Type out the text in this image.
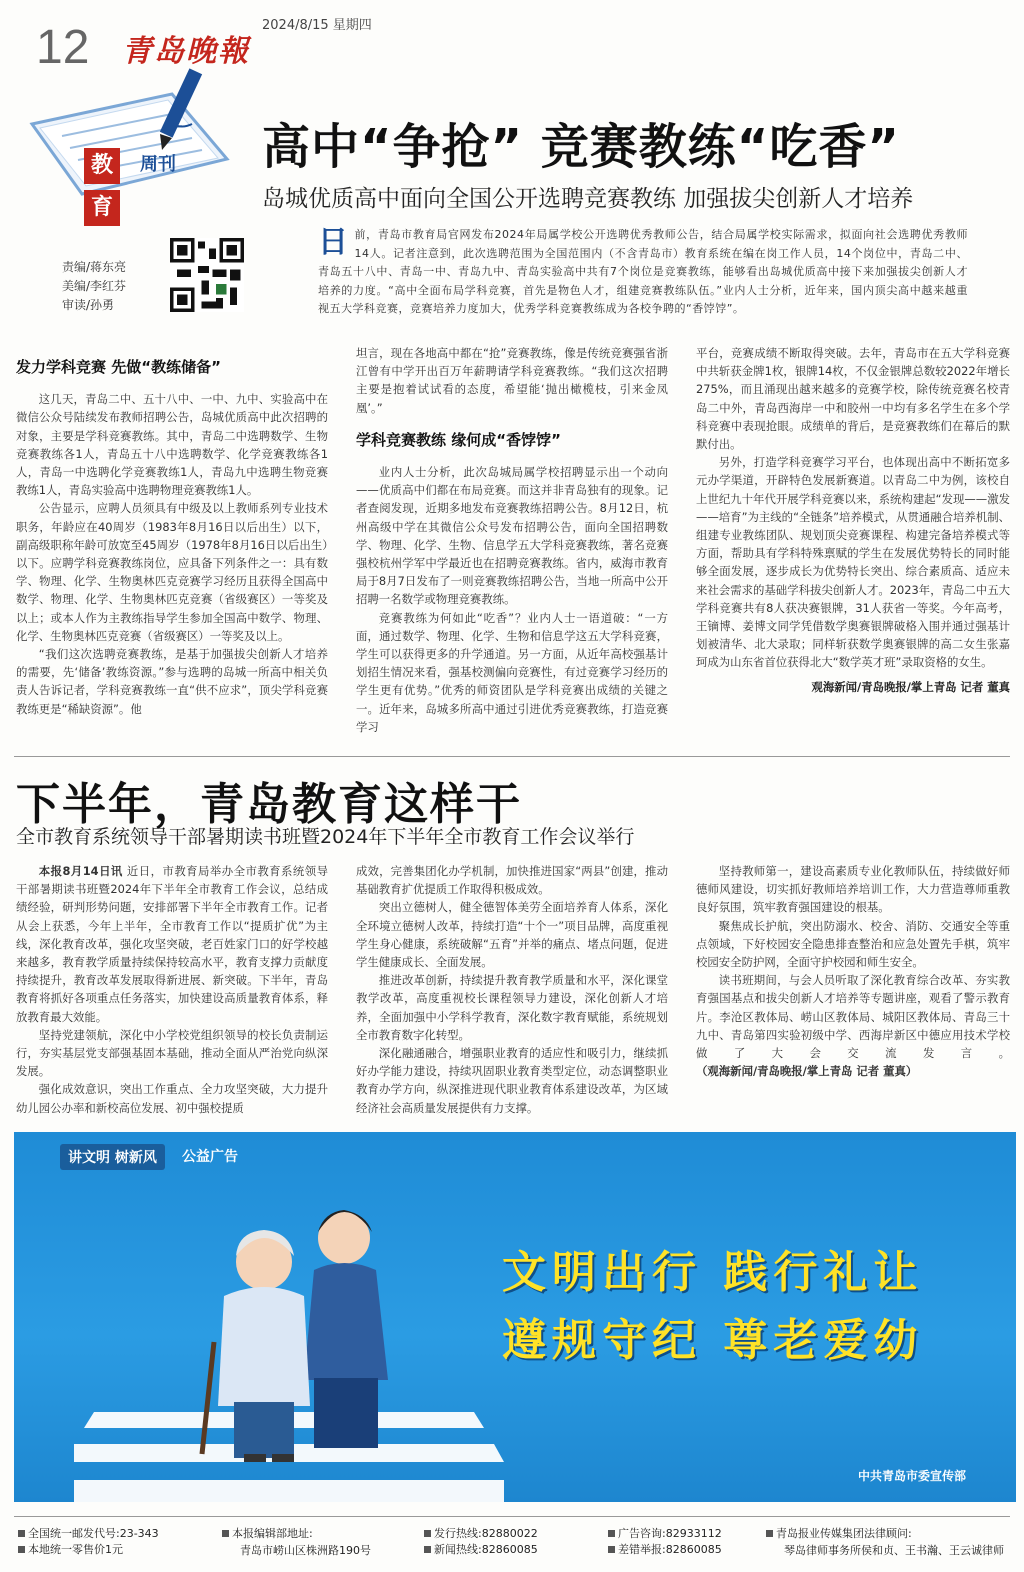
12 青岛晚報
2024/8/15 星期四
教
育
周刊 高中“争抢” 竞赛教练“吃香”
岛城优质高中面向全国公开选聘竞赛教练 加强拔尖创新人才培养
责编/蒋东亮
美编/李红芬
审读/孙勇
日 前，青岛市教育局官网发布2024年局属学校公开选聘优秀教师公告，结合局属学校实际需求，拟面向社会选聘优秀教师14人。记者注意到，此次选聘范围为全国范围内（不含青岛市）教育系统在编在岗工作人员，14个岗位中，青岛二中、青岛五十八中、青岛一中、青岛九中、青岛实验高中共有7个岗位是竞赛教练，能够看出岛城优质高中接下来加强拔尖创新人才培养的力度。“高中全面布局学科竞赛，首先是物色人才，组建竞赛教练队伍。”业内人士分析，近年来，国内顶尖高中越来越重视五大学科竞赛，竞赛培养力度加大，优秀学科竞赛教练成为各校争聘的“香饽饽”。
发力学科竞赛 先做“教练储备”

这几天，青岛二中、五十八中、一中、九中、实验高中在微信公众号陆续发布教师招聘公告，岛城优质高中此次招聘的对象，主要是学科竞赛教练。其中，青岛二中选聘数学、生物竞赛教练各1人，青岛五十八中选聘数学、化学竞赛教练各1人，青岛一中选聘化学竞赛教练1人，青岛九中选聘生物竞赛教练1人，青岛实验高中选聘物理竞赛教练1人。

公告显示，应聘人员须具有中级及以上教师系列专业技术职务，年龄应在40周岁（1983年8月16日以后出生）以下，副高级职称年龄可放宽至45周岁（1978年8月16日以后出生）以下。应聘学科竞赛教练岗位，应具备下列条件之一：具有数学、物理、化学、生物奥林匹克竞赛学习经历且获得全国高中数学、物理、化学、生物奥林匹克竞赛（省级赛区）一等奖及以上；或本人作为主教练指导学生参加全国高中数学、物理、化学、生物奥林匹克竞赛（省级赛区）一等奖及以上。

“我们这次选聘竞赛教练，是基于加强拔尖创新人才培养的需要，先‘储备’教练资源。”参与选聘的岛城一所高中相关负责人告诉记者，学科竞赛教练一直“供不应求”，顶尖学科竞赛教练更是“稀缺资源”。他

坦言，现在各地高中都在“抢”竞赛教练，像是传统竞赛强省浙江曾有中学开出百万年薪聘请学科竞赛教练。“我们这次招聘主要是抱着试试看的态度，希望能‘抛出橄榄枝，引来金凤凰’。”

学科竞赛教练 缘何成“香饽饽”

业内人士分析，此次岛城局属学校招聘显示出一个动向——优质高中们都在布局竞赛。而这并非青岛独有的现象。记者查阅发现，近期多地发布竞赛教练招聘公告。8月12日，杭州高级中学在其微信公众号发布招聘公告，面向全国招聘数学、物理、化学、生物、信息学五大学科竞赛教练，著名竞赛强校杭州学军中学最近也在招聘竞赛教练。省内，威海市教育局于8月7日发布了一则竞赛教练招聘公告，当地一所高中公开招聘一名数学或物理竞赛教练。

竞赛教练为何如此“吃香”？业内人士一语道破：“一方面，通过数学、物理、化学、生物和信息学这五大学科竞赛，学生可以获得更多的升学通道。另一方面，从近年高校强基计划招生情况来看，强基校测偏向竞赛性，有过竞赛学习经历的学生更有优势。”优秀的师资团队是学科竞赛出成绩的关键之一。近年来，岛城多所高中通过引进优秀竞赛教练，打造竞赛学习

平台，竞赛成绩不断取得突破。去年，青岛市在五大学科竞赛中共斩获金牌1枚，银牌14枚，不仅金银牌总数较2022年增长275%，而且涌现出越来越多的竞赛学校，除传统竞赛名校青岛二中外，青岛西海岸一中和胶州一中均有多名学生在多个学科竞赛中表现抢眼。成绩单的背后，是竞赛教练们在幕后的默默付出。

另外，打造学科竞赛学习平台，也体现出高中不断拓宽多元办学渠道，开辟特色发展新赛道。以青岛二中为例，该校自上世纪九十年代开展学科竞赛以来，系统构建起“发现——激发——培育”为主线的“全链条”培养模式，从贯通融合培养机制、组建专业教练团队、规划顶尖竞赛课程、构建完备培养模式等方面，帮助具有学科特殊禀赋的学生在发展优势特长的同时能够全面发展，逐步成长为优势特长突出、综合素质高、适应未来社会需求的基础学科拔尖创新人才。2023年，青岛二中五大学科竞赛共有8人获决赛银牌，31人获省一等奖。今年高考，王镝博、姜博文同学凭借数学奥赛银牌破格入围并通过强基计划被清华、北大录取；同样斩获数学奥赛银牌的高二女生张嘉珂成为山东省首位获得北大“数学英才班”录取资格的女生。

观海新闻/青岛晚报/掌上青岛 记者 董真

下半年，青岛教育这样干
全市教育系统领导干部暑期读书班暨2024年下半年全市教育工作会议举行

本报8月14日讯 近日，市教育局举办全市教育系统领导干部暑期读书班暨2024年下半年全市教育工作会议，总结成绩经验，研判形势问题，安排部署下半年全市教育工作。记者从会上获悉，今年上半年，全市教育工作以“提质扩优”为主线，深化教育改革，强化攻坚突破，老百姓家门口的好学校越来越多，教育教学质量持续保持较高水平，教育支撑力贡献度持续提升，教育改革发展取得新进展、新突破。下半年，青岛教育将抓好各项重点任务落实，加快建设高质量教育体系，释放教育最大效能。

坚持党建领航，深化中小学校党组织领导的校长负责制运行，夯实基层党支部强基固本基础，推动全面从严治党向纵深发展。

强化成效意识，突出工作重点、全力攻坚突破，大力提升幼儿园公办率和新校高位发展、初中强校提质

成效，完善集团化办学机制，加快推进国家“两县”创建，推动基础教育扩优提质工作取得积极成效。

突出立德树人，健全德智体美劳全面培养育人体系，深化全环境立德树人改革，持续打造“十个一”项目品牌，高度重视学生身心健康，系统破解“五育”并举的痛点、堵点问题，促进学生健康成长、全面发展。

推进改革创新，持续提升教育教学质量和水平，深化课堂教学改革，高度重视校长课程领导力建设，深化创新人才培养，全面加强中小学科学教育，深化数字教育赋能，系统规划全市教育数字化转型。

深化融通融合，增强职业教育的适应性和吸引力，继续抓好办学能力建设，持续巩固职业教育类型定位，动态调整职业教育办学方向，纵深推进现代职业教育体系建设改革，为区域经济社会高质量发展提供有力支撑。

坚持教师第一，建设高素质专业化教师队伍，持续做好师德师风建设，切实抓好教师培养培训工作，大力营造尊师重教良好氛围，筑牢教育强国建设的根基。

聚焦成长护航，突出防溺水、校舍、消防、交通安全等重点领域，下好校园安全隐患排查整治和应急处置先手棋，筑牢校园安全防护网，全面守护校园和师生安全。

读书班期间，与会人员听取了深化教育综合改革、夯实教育强国基点和拔尖创新人才培养等专题讲座，观看了警示教育片。李沧区教体局、崂山区教体局、城阳区教体局、青岛三十九中、青岛第四实验初级中学、西海岸新区中德应用技术学校做了大会交流发言。（观海新闻/青岛晚报/掌上青岛 记者 董真）

讲文明 树新风	公益广告
文明出行 践行礼让
遵规守纪 尊老爱幼
中共青岛市委宣传部
全国统一邮发代号:23-343
本地统一零售价1元
本报编辑部地址:
青岛市崂山区株洲路190号
发行热线:82880022
新闻热线:82860085
广告咨询:82933112
差错举报:82860085
青岛报业传媒集团法律顾问:
琴岛律师事务所侯和贞、王书瀚、王云诚律师
